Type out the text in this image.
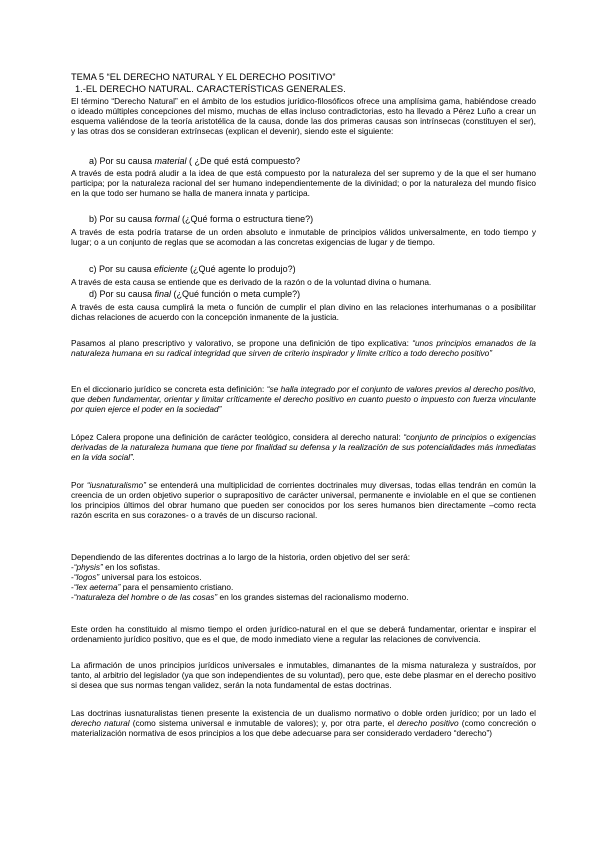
TEMA 5 “EL DERECHO NATURAL Y EL DERECHO POSITIVO”
1.-EL DERECHO NATURAL. CARACTERÍSTICAS GENERALES.

El término “Derecho Natural” en el ámbito de los estudios jurídico-filosóficos ofrece una amplísima gama, habiéndose creado o ideado múltiples concepciones del mismo, muchas de ellas incluso contradictorias, esto ha llevado a Pérez Luño a crear un esquema valiéndose de la teoría aristotélica de la causa, donde las dos primeras causas son intrínsecas (constituyen el ser), y las otras dos se consideran extrínsecas (explican el devenir), siendo este el siguiente:

a) Por su causa material ( ¿De qué está compuesto?

A través de esta podrá aludir a la idea de que está compuesto por la naturaleza del ser supremo y de la que el ser humano participa; por la naturaleza racional del ser humano independientemente de la divinidad; o por la naturaleza del mundo físico en la que todo ser humano se halla de manera innata y participa.

b) Por su causa formal (¿Qué forma o estructura tiene?)

A través de esta podría tratarse de un orden absoluto e inmutable de principios válidos universalmente, en todo tiempo y lugar; o a un conjunto de reglas que se acomodan a las concretas exigencias de lugar y de tiempo.

c) Por su causa eficiente (¿Qué agente lo produjo?)

A través de esta causa se entiende que es derivado de la razón o de la voluntad divina o humana.

d) Por su causa final (¿Qué función o meta cumple?)

A través de esta causa cumplirá la meta o función de cumplir el plan divino en las relaciones interhumanas o a posibilitar dichas relaciones de acuerdo con la concepción inmanente de la justicia.

Pasamos al plano prescriptivo y valorativo, se propone una definición de tipo explicativa: “unos principios emanados de la naturaleza humana en su radical integridad que sirven de criterio inspirador y límite crítico a todo derecho positivo”

En el diccionario jurídico se concreta esta definición: “se halla integrado por el conjunto de valores previos al derecho positivo, que deben fundamentar, orientar y limitar críticamente el derecho positivo en cuanto puesto o impuesto con fuerza vinculante por quien ejerce el poder en la sociedad”

López Calera propone una definición de carácter teológico, considera al derecho natural: “conjunto de principios o exigencias derivadas de la naturaleza humana que tiene por finalidad su defensa y la realización de sus potencialidades más inmediatas en la vida social”.

Por “iusnaturalismo” se entenderá una multiplicidad de corrientes doctrinales muy diversas, todas ellas tendrán en común la creencia de un orden objetivo superior o suprapositivo de carácter universal, permanente e inviolable en el que se contienen los principios últimos del obrar humano que pueden ser conocidos por los seres humanos bien directamente –como recta razón escrita en sus corazones- o a través de un discurso racional.

Dependiendo de las diferentes doctrinas a lo largo de la historia, orden objetivo del ser será:
-“physis” en los sofistas.
-“logos” universal para los estoicos.
-“lex aeterna” para el pensamiento cristiano.
-“naturaleza del hombre o de las cosas” en los grandes sistemas del racionalismo moderno.

Este orden ha constituido al mismo tiempo el orden jurídico-natural en el que se deberá fundamentar, orientar e inspirar el ordenamiento jurídico positivo, que es el que, de modo inmediato viene a regular las relaciones de convivencia.

La afirmación de unos principios jurídicos universales e inmutables, dimanantes de la misma naturaleza y sustraídos, por tanto, al arbitrio del legislador (ya que son independientes de su voluntad), pero que, este debe plasmar en el derecho positivo si desea que sus normas tengan validez, serán la nota fundamental de estas doctrinas.

Las doctrinas iusnaturalistas tienen presente la existencia de un dualismo normativo o doble orden jurídico; por un lado el derecho natural (como sistema universal e inmutable de valores); y, por otra parte, el derecho positivo (como concreción o materialización normativa de esos principios a los que debe adecuarse para ser considerado verdadero “derecho”)
